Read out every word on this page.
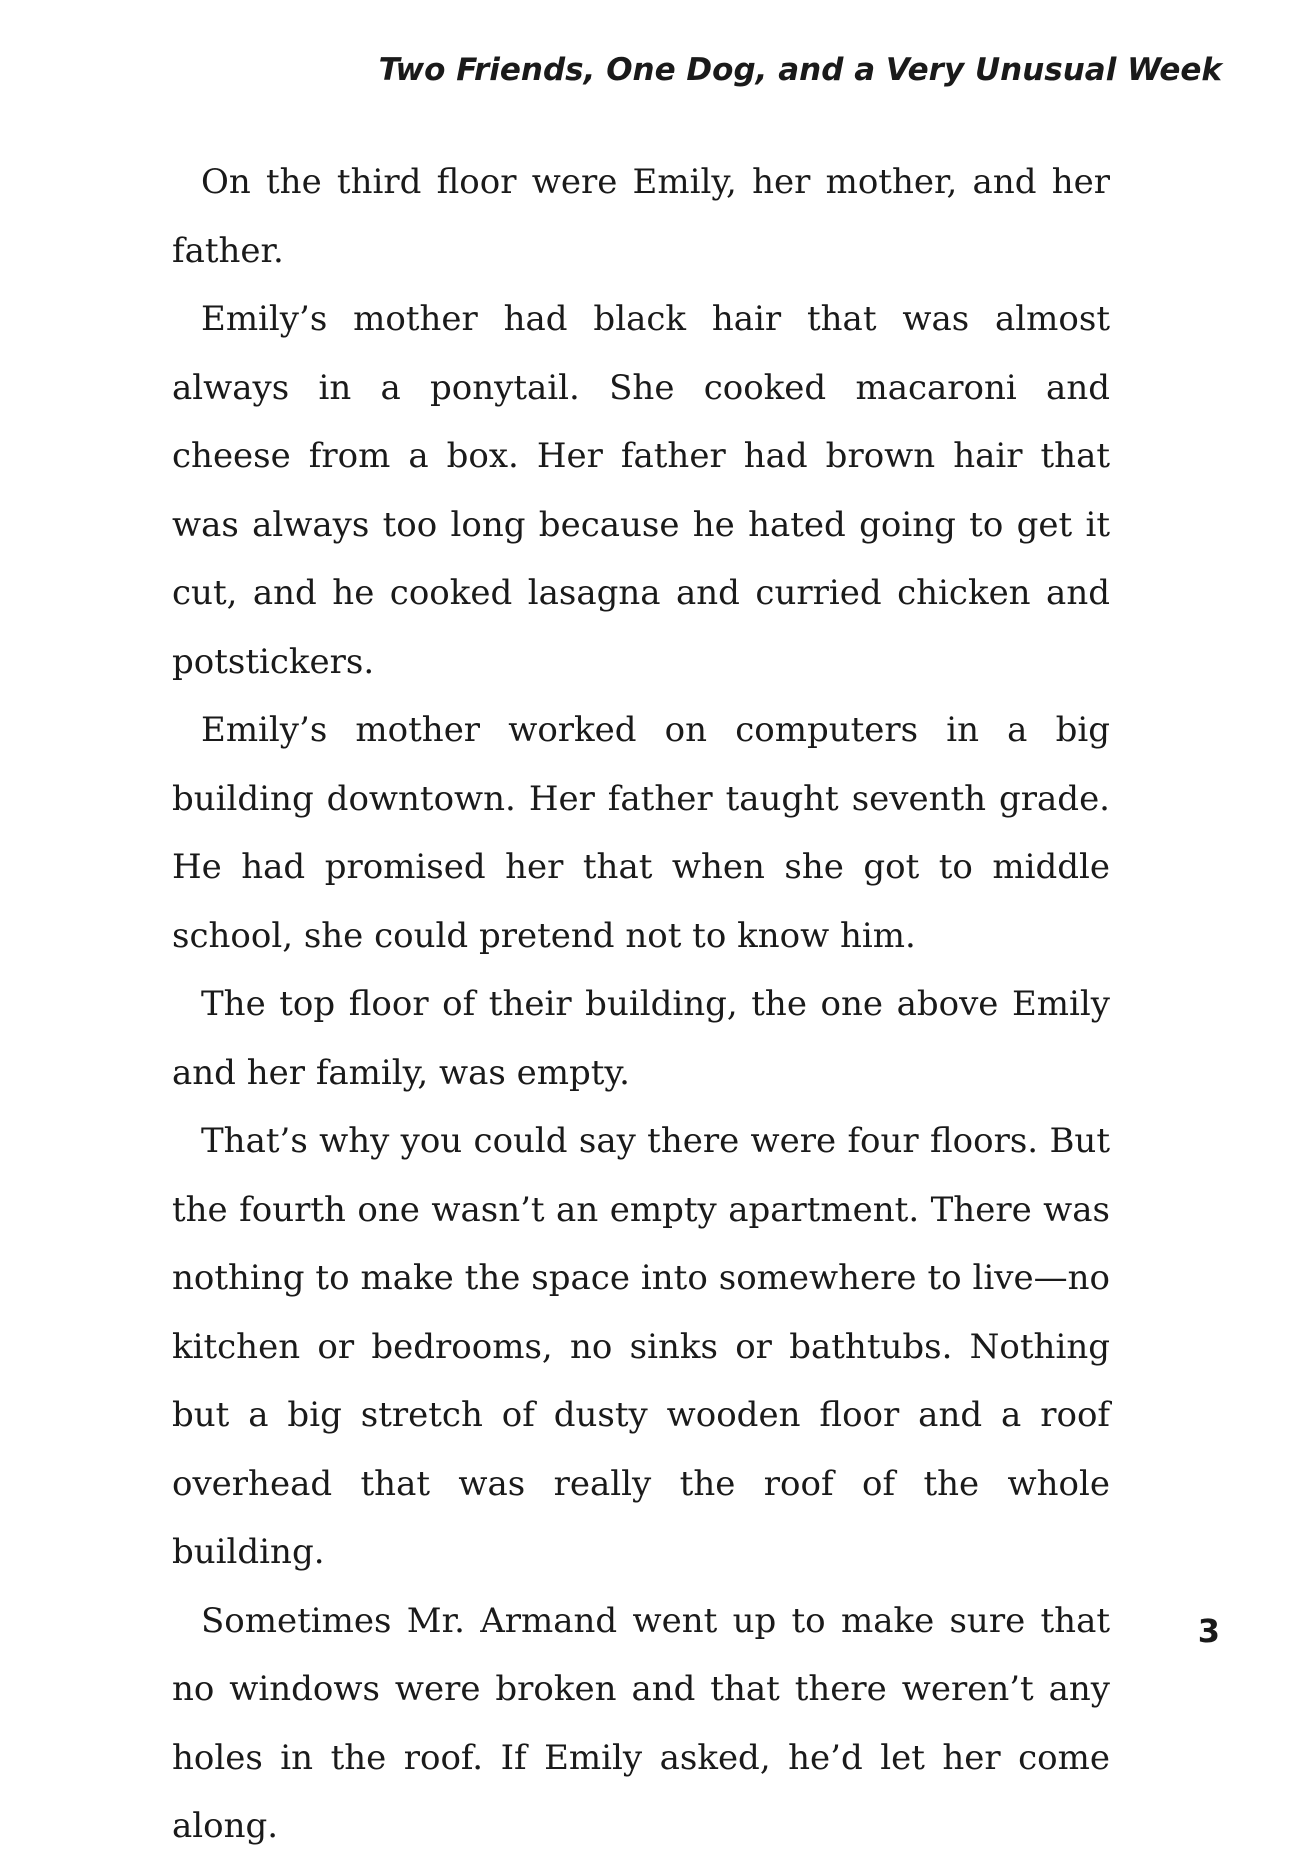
Two Friends, One Dog, and a Very Unusual Week

On the third floor were Emily, her mother, and her father.

Emily’s mother had black hair that was almost always in a ponytail. She cooked macaroni and cheese from a box. Her father had brown hair that was always too long because he hated going to get it cut, and he cooked lasagna and curried chicken and potstickers.

Emily’s mother worked on computers in a big building downtown. Her father taught seventh grade. He had promised her that when she got to middle school, she could pretend not to know him.

The top floor of their building, the one above Emily and her family, was empty.

That’s why you could say there were four floors. But the fourth one wasn’t an empty apartment. There was nothing to make the space into somewhere to live—no kitchen or bedrooms, no sinks or bathtubs. Nothing but a big stretch of dusty wooden floor and a roof overhead that was really the roof of the whole building.

Sometimes Mr. Armand went up to make sure that no windows were broken and that there weren’t any holes in the roof. If Emily asked, he’d let her come along.

3
